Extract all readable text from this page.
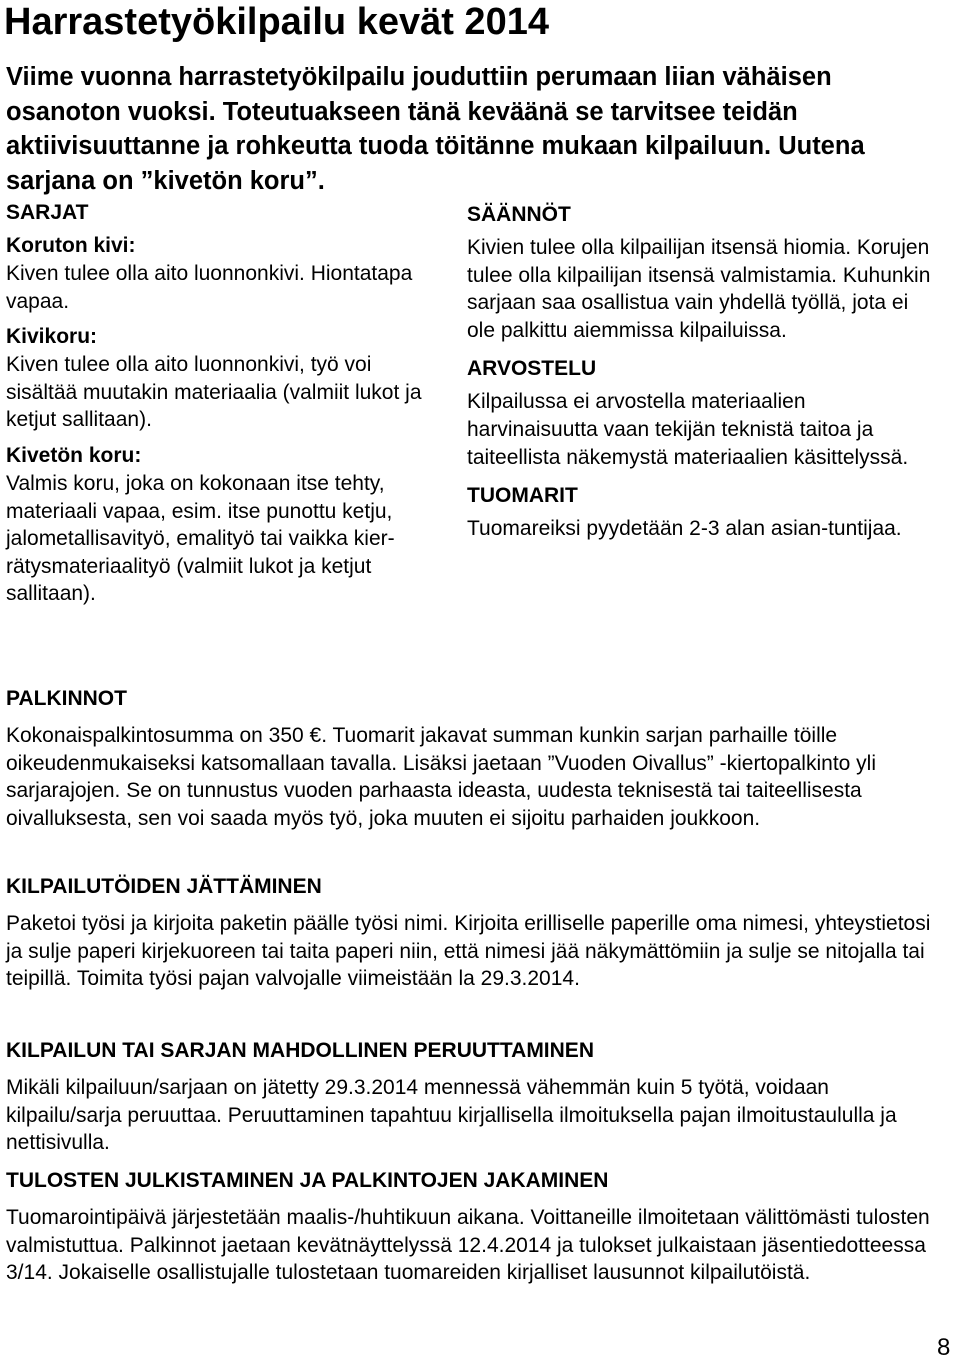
Harrastetyökilpailu kevät 2014

Viime vuonna harrastetyökilpailu jouduttiin perumaan liian vähäisen osanoton vuoksi. Toteutuakseen tänä keväänä se tarvitsee teidän aktiivisuuttanne ja rohkeutta tuoda töitänne mukaan kilpailuun. Uutena sarjana on ”kivetön koru”.

SARJAT
Koruton kivi:

Kiven tulee olla aito luonnonkivi. Hiontatapa vapaa.

Kivikoru:

Kiven tulee olla aito luonnonkivi, työ voi sisältää muutakin materiaalia (valmiit lukot ja ketjut sallitaan).

Kivetön koru:

Valmis koru, joka on kokonaan itse tehty, materiaali vapaa, esim. itse punottu ketju, jalometallisavityö, emalityö tai vaikka kier-rätysmateriaalityö (valmiit lukot ja ketjut sallitaan).

SÄÄNNÖT

Kivien tulee olla kilpailijan itsensä hiomia. Korujen tulee olla kilpailijan itsensä valmistamia. Kuhunkin sarjaan saa osallistua vain yhdellä työllä, jota ei ole palkittu aiemmissa kilpailuissa.

ARVOSTELU

Kilpailussa ei arvostella materiaalien harvinaisuutta vaan tekijän teknistä taitoa ja taiteellista näkemystä materiaalien käsittelyssä.

TUOMARIT

Tuomareiksi pyydetään 2-3 alan asian-tuntijaa.

PALKINNOT

Kokonaispalkintosumma on 350 €. Tuomarit jakavat summan kunkin sarjan parhaille töille oikeudenmukaiseksi katsomallaan tavalla. Lisäksi jaetaan ”Vuoden Oivallus” -kiertopalkinto yli sarjarajojen. Se on tunnustus vuoden parhaasta ideasta, uudesta teknisestä tai taiteellisesta oivalluksesta, sen voi saada myös työ, joka muuten ei sijoitu parhaiden joukkoon.

KILPAILUTÖIDEN JÄTTÄMINEN

Paketoi työsi ja kirjoita paketin päälle työsi nimi. Kirjoita erilliselle paperille oma nimesi, yhteystietosi ja sulje paperi kirjekuoreen tai taita paperi niin, että nimesi jää näkymättömiin ja sulje se nitojalla tai teipillä. Toimita työsi pajan valvojalle viimeistään la 29.3.2014.

KILPAILUN TAI SARJAN MAHDOLLINEN PERUUTTAMINEN

Mikäli kilpailuun/sarjaan on jätetty 29.3.2014 mennessä vähemmän kuin 5 työtä, voidaan kilpailu/sarja peruuttaa. Peruuttaminen tapahtuu kirjallisella ilmoituksella pajan ilmoitustaululla ja nettisivulla.

TULOSTEN JULKISTAMINEN JA PALKINTOJEN JAKAMINEN

Tuomarointipäivä järjestetään maalis-/huhtikuun aikana. Voittaneille ilmoitetaan välittömästi tulosten valmistuttua. Palkinnot jaetaan kevätnäyttelyssä 12.4.2014 ja tulokset julkaistaan jäsentiedotteessa 3/14. Jokaiselle osallistujalle tulostetaan tuomareiden kirjalliset lausunnot kilpailutöistä.

8
